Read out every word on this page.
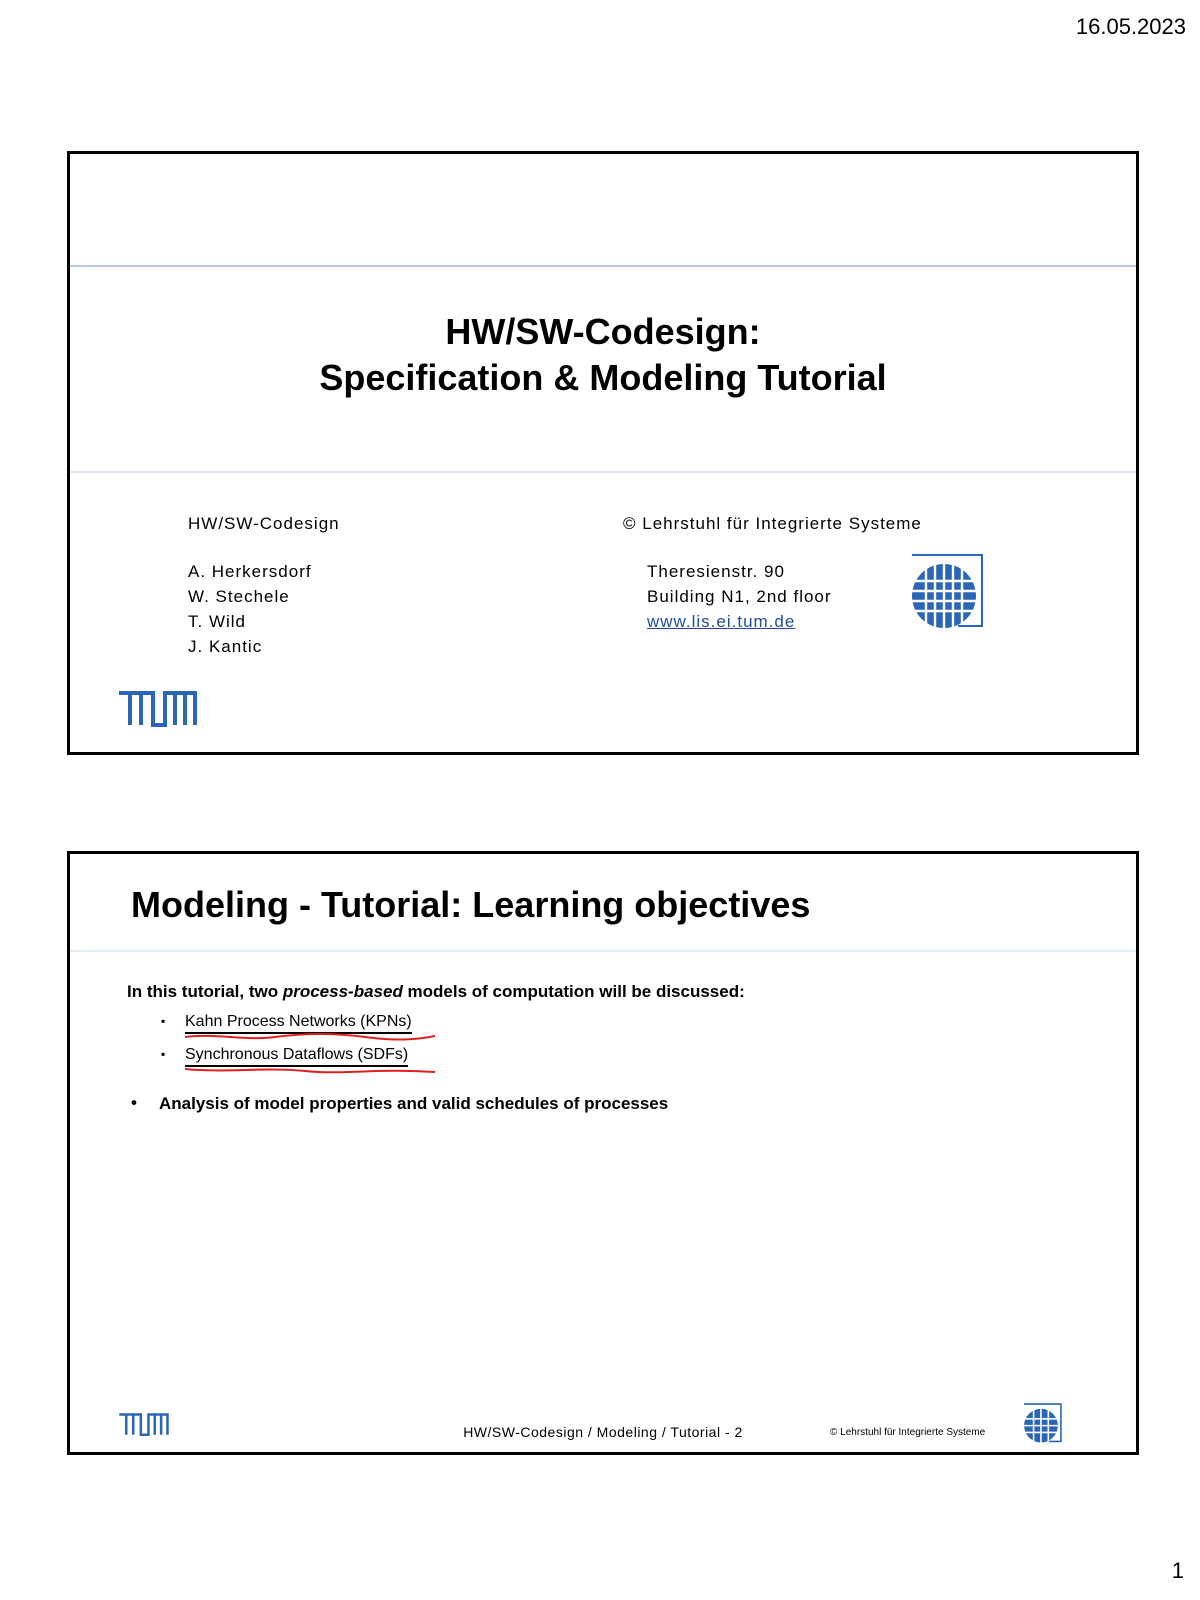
16.05.2023
HW/SW-Codesign:
Specification & Modeling Tutorial
HW/SW-Codesign
A. Herkersdorf
W. Stechele
T. Wild
J. Kantic
© Lehrstuhl für Integrierte Systeme
Theresienstr. 90
Building N1, 2nd floor
www.lis.ei.tum.de
Modeling - Tutorial: Learning objectives
In this tutorial, two process-based models of computation will be discussed:
▪ Kahn Process Networks (KPNs)
▪ Synchronous Dataflows (SDFs)
• Analysis of model properties and valid schedules of processes
HW/SW-Codesign / Modeling / Tutorial - 2	© Lehrstuhl für Integrierte Systeme
1
